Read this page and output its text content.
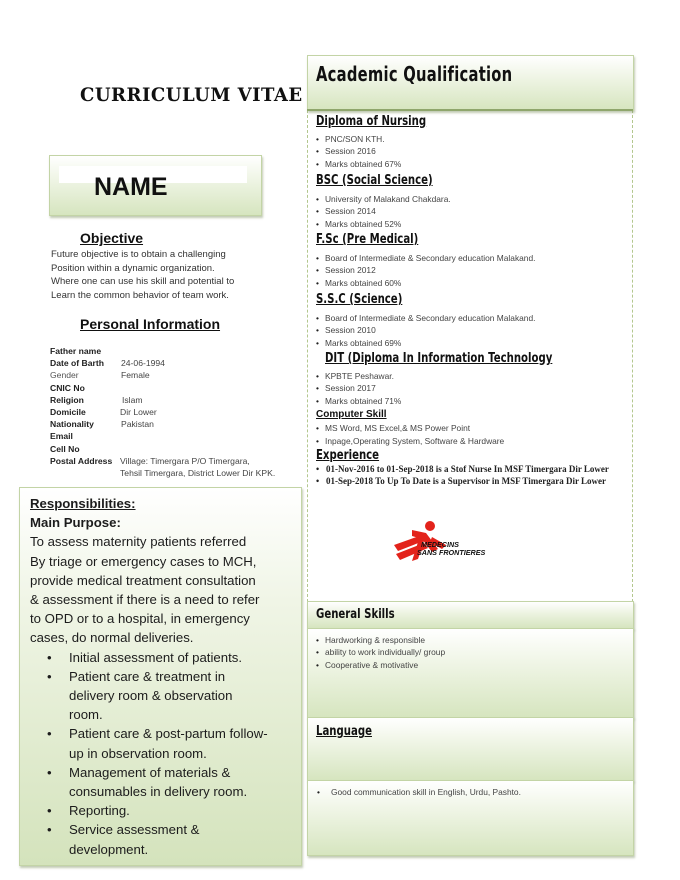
CURRICULUM VITAE
NAME
Objective
Future objective is to obtain a challenging
Position within a dynamic organization.
Where one can use his skill and potential to
Learn the common behavior of team work.
Personal Information
Father name
Date of Barth 24-06-1994
Gender	Female
CNIC No
Religion	Islam
Domicile	Dir Lower
Nationality	Pakistan
Email
Cell No
Postal Address Village: Timergara P/O Timergara,
Tehsil Timergara, District Lower Dir KPK.
Responsibilities:
Main Purpose:
To assess maternity patients referred
By triage or emergency cases to MCH,
provide medical treatment consultation
& assessment if there is a need to refer
to OPD or to a hospital, in emergency
cases, do normal deliveries.
• Initial assessment of patients.
• Patient care & treatment in
delivery room & observation
room.
• Patient care & post-partum follow-
up in observation room.
• Management of materials &
consumables in delivery room.
• Reporting.
• Service assessment &
development.
Academic Qualification
Diploma of Nursing
• PNC/SON KTH.
• Session 2016
• Marks obtained 67%
BSC (Social Science)
• University of Malakand Chakdara.
• Session 2014
• Marks obtained 52%
F.Sc (Pre Medical)
• Board of Intermediate & Secondary education Malakand.
• Session 2012
• Marks obtained 60%
S.S.C (Science)
• Board of Intermediate & Secondary education Malakand.
• Session 2010
• Marks obtained 69%
DIT (Diploma In Information Technology
• KPBTE Peshawar.
• Session 2017
• Marks obtained 71%
Computer Skill
• MS Word, MS Excel,& MS Power Point
• Inpage,Operating System, Software & Hardware
Experience
• 01-Nov-2016 to 01-Sep-2018 is a Stof Nurse In MSF Timergara Dir Lower
• 01-Sep-2018 To Up To Date is a Supervisor in MSF Timergara Dir Lower
MEDECINS
SANS FRONTIERES
General Skills
• Hardworking & responsible
• ability to work individually/ group
• Cooperative & motivative
Language
• Good communication skill in English, Urdu, Pashto.
